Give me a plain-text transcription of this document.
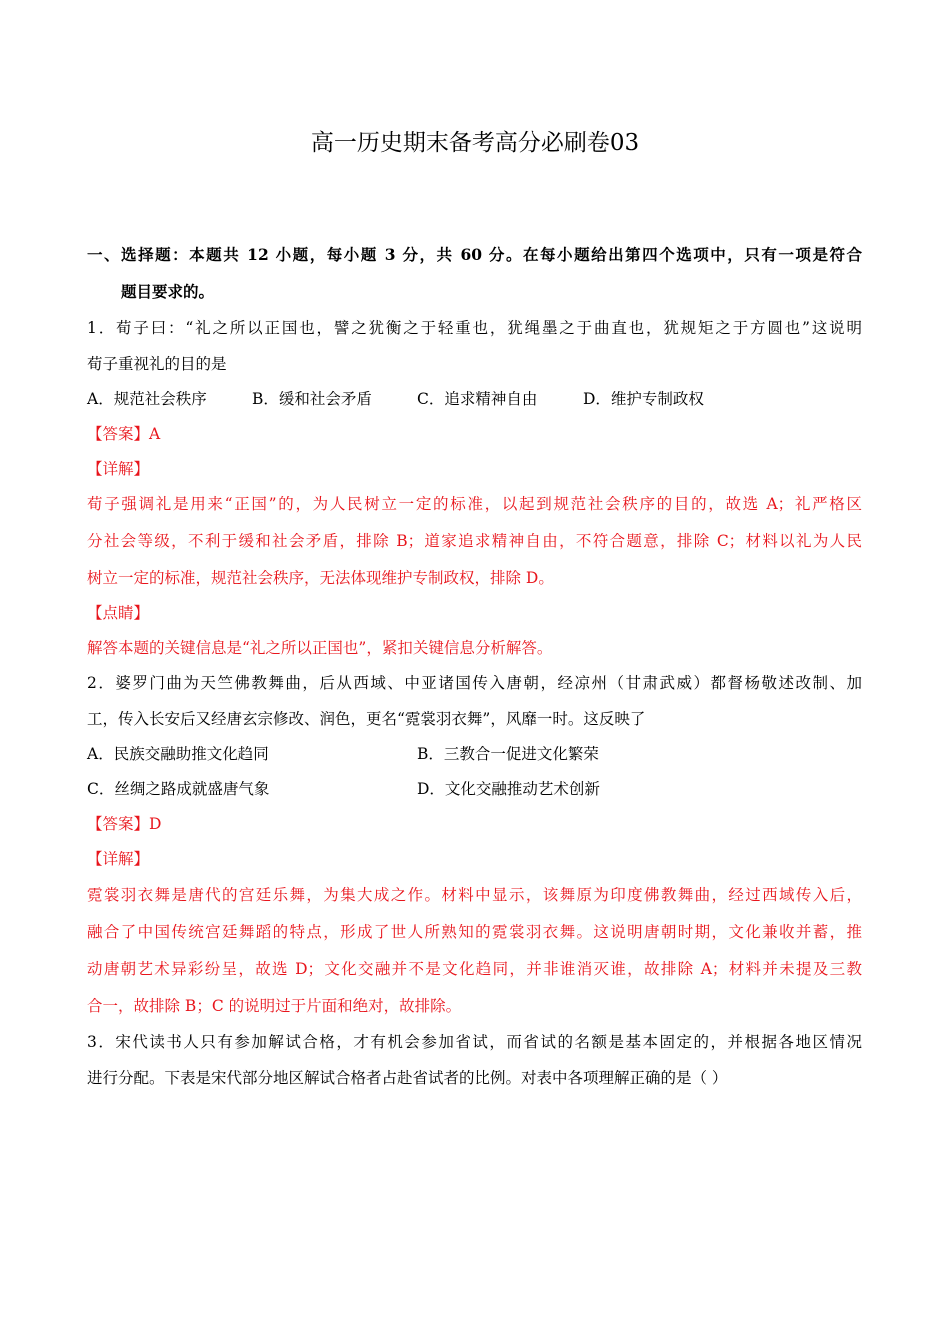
高一历史期末备考高分必刷卷03
一、选择题：本题共 12 小题，每小题 3 分，共 60 分。在每小题给出第四个选项中，只有一项是符合
题目要求的。
1．荀子曰：“礼之所以正国也，譬之犹衡之于轻重也，犹绳墨之于曲直也，犹规矩之于方圆也”这说明
荀子重视礼的目的是
A．规范社会秩序	B．缓和社会矛盾	C．追求精神自由	D．维护专制政权
【答案】A
【详解】
荀子强调礼是用来“正国”的，为人民树立一定的标准，以起到规范社会秩序的目的，故选 A；礼严格区
分社会等级，不利于缓和社会矛盾，排除 B；道家追求精神自由，不符合题意，排除 C；材料以礼为人民
树立一定的标准，规范社会秩序，无法体现维护专制政权，排除 D。
【点睛】
解答本题的关键信息是“礼之所以正国也”，紧扣关键信息分析解答。
2．婆罗门曲为天竺佛教舞曲，后从西域、中亚诸国传入唐朝，经凉州（甘肃武威）都督杨敬述改制、加
工，传入长安后又经唐玄宗修改、润色，更名“霓裳羽衣舞”，风靡一时。这反映了
A．民族交融助推文化趋同	B．三教合一促进文化繁荣
C．丝绸之路成就盛唐气象	D．文化交融推动艺术创新
【答案】D
【详解】
霓裳羽衣舞是唐代的宫廷乐舞，为集大成之作。材料中显示，该舞原为印度佛教舞曲，经过西域传入后，
融合了中国传统宫廷舞蹈的特点，形成了世人所熟知的霓裳羽衣舞。这说明唐朝时期，文化兼收并蓄，推
动唐朝艺术异彩纷呈，故选 D；文化交融并不是文化趋同，并非谁消灭谁，故排除 A；材料并未提及三教
合一，故排除 B；C 的说明过于片面和绝对，故排除。
3．宋代读书人只有参加解试合格，才有机会参加省试，而省试的名额是基本固定的，并根据各地区情况
进行分配。下表是宋代部分地区解试合格者占赴省试者的比例。对表中各项理解正确的是（ ）
